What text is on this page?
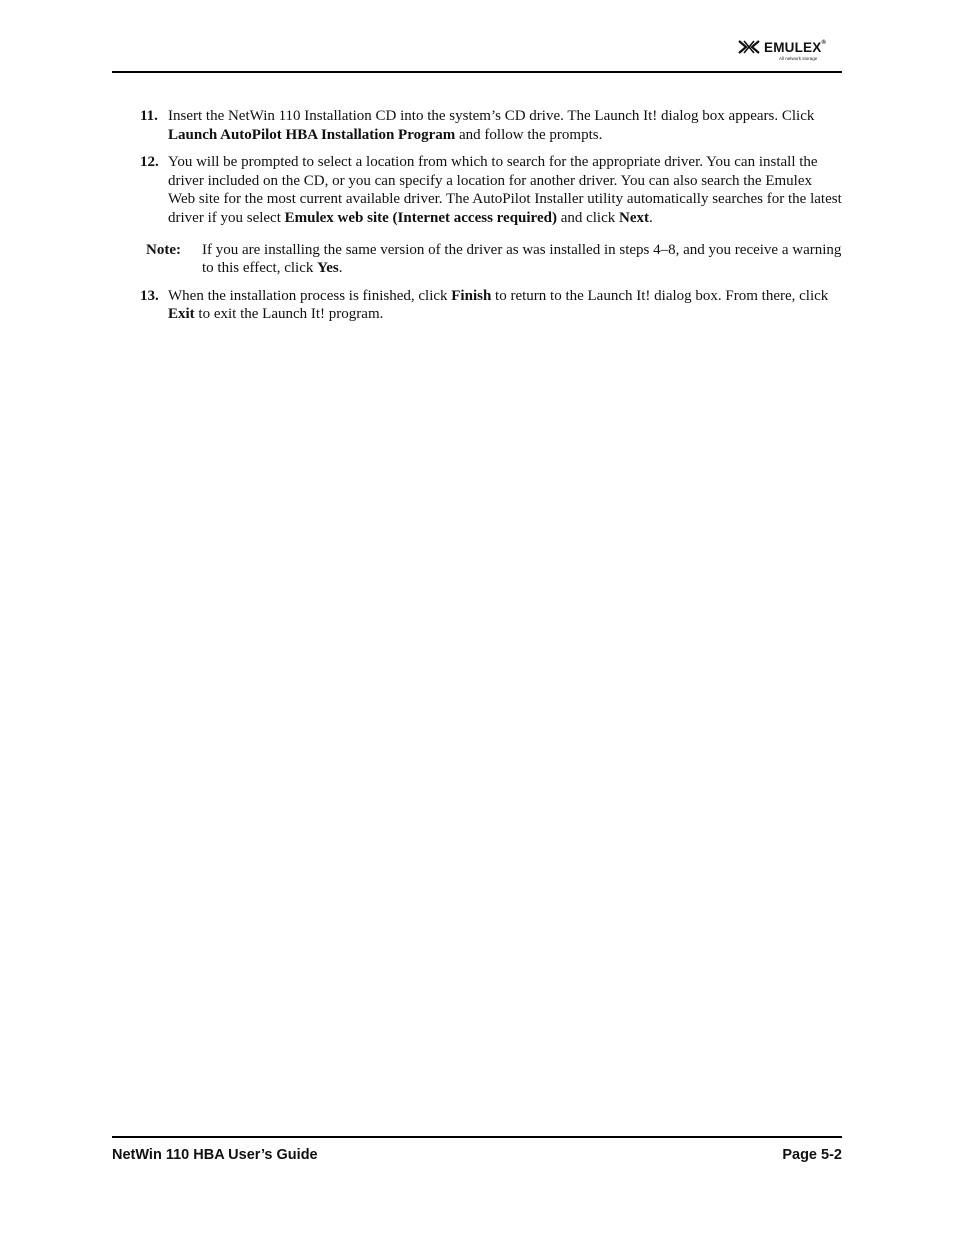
EMULEX®
All network storage
11. Insert the NetWin 110 Installation CD into the system’s CD drive. The Launch It! dialog box appears. Click Launch AutoPilot HBA Installation Program and follow the prompts.
12. You will be prompted to select a location from which to search for the appropriate driver. You can install the driver included on the CD, or you can specify a location for another driver. You can also search the Emulex Web site for the most current available driver. The AutoPilot Installer utility automatically searches for the latest driver if you select Emulex web site (Internet access required) and click Next.
Note: If you are installing the same version of the driver as was installed in steps 4–8, and you receive a warning to this effect, click Yes.
13. When the installation process is finished, click Finish to return to the Launch It! dialog box. From there, click Exit to exit the Launch It! program.
NetWin 110 HBA User’s Guide	Page 5-2
